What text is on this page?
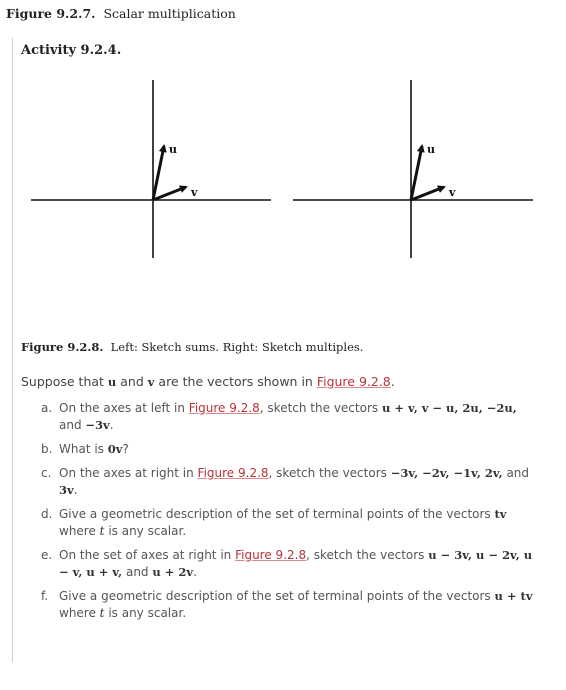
Figure 9.2.7. Scalar multiplication
Activity 9.2.4.
u
v
u
v
Figure 9.2.8. Left: Sketch sums. Right: Sketch multiples.
Suppose that u and v are the vectors shown in Figure 9.2.8.
a. On the axes at left in Figure 9.2.8, sketch the vectors u + v, v − u, 2u, −2u, and −3v.
b. What is 0v?
c. On the axes at right in Figure 9.2.8, sketch the vectors −3v, −2v, −1v, 2v, and 3v.
d. Give a geometric description of the set of terminal points of the vectors tv where t is any scalar.
e. On the set of axes at right in Figure 9.2.8, sketch the vectors u − 3v, u − 2v, u − v, u + v, and u + 2v.
f. Give a geometric description of the set of terminal points of the vectors u + tv where t is any scalar.
